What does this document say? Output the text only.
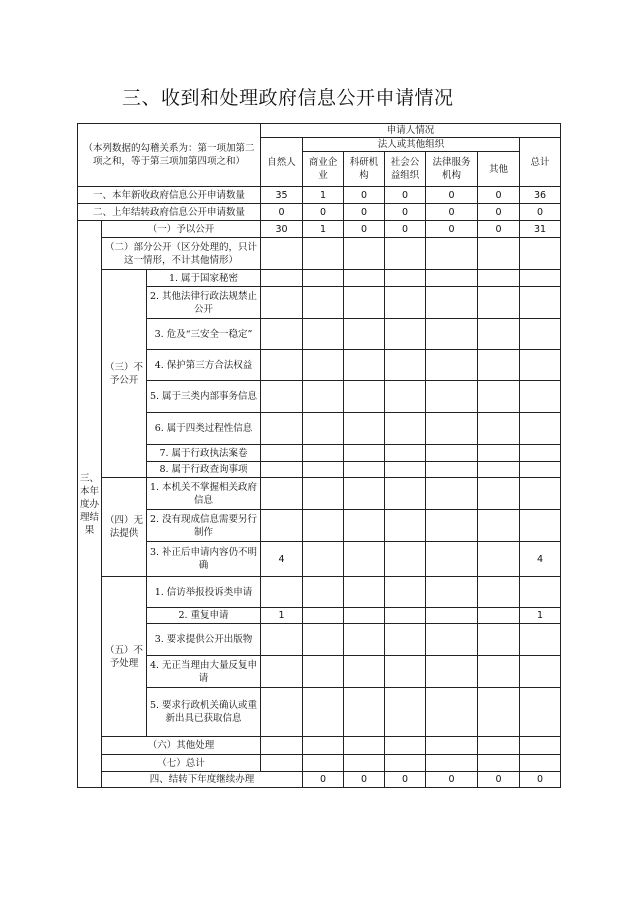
三、收到和处理政府信息公开申请情况
（本列数据的勾稽关系为：第一项加第二项之和，等于第三项加第四项之和）			申请人情况							
			自然人	法人或其他组织					总计	
				商业企业	科研机构	社会公益组织	法律服务机构	其他		
一、本年新收政府信息公开申请数量			35	1	0	0	0	0	36	
二、上年结转政府信息公开申请数量			0	0	0	0	0	0	0	
三、本年度办理结果	（一）予以公开		30	1	0	0	0	0	31	
	（二）部分公开（区分处理的，只计这一情形，不计其他情形）									
	（三）不予公开	1. 属于国家秘密								
		2. 其他法律行政法规禁止公开								
		3. 危及“三安全一稳定”								
		4. 保护第三方合法权益								
		5. 属于三类内部事务信息								
		6. 属于四类过程性信息								
		7. 属于行政执法案卷								
		8. 属于行政查询事项								
	（四）无法提供	1. 本机关不掌握相关政府信息								
		2. 没有现成信息需要另行制作								
		3. 补正后申请内容仍不明确	4						4	
	（五）不予处理	1. 信访举报投诉类申请								
		2. 重复申请	1						1	
		3. 要求提供公开出版物								
		4. 无正当理由大量反复申请								
		5. 要求行政机关确认或重新出具已获取信息								
	（六）其他处理									
	（七）总计									
	四、结转下年度继续办理			0	0	0	0	0	0	
